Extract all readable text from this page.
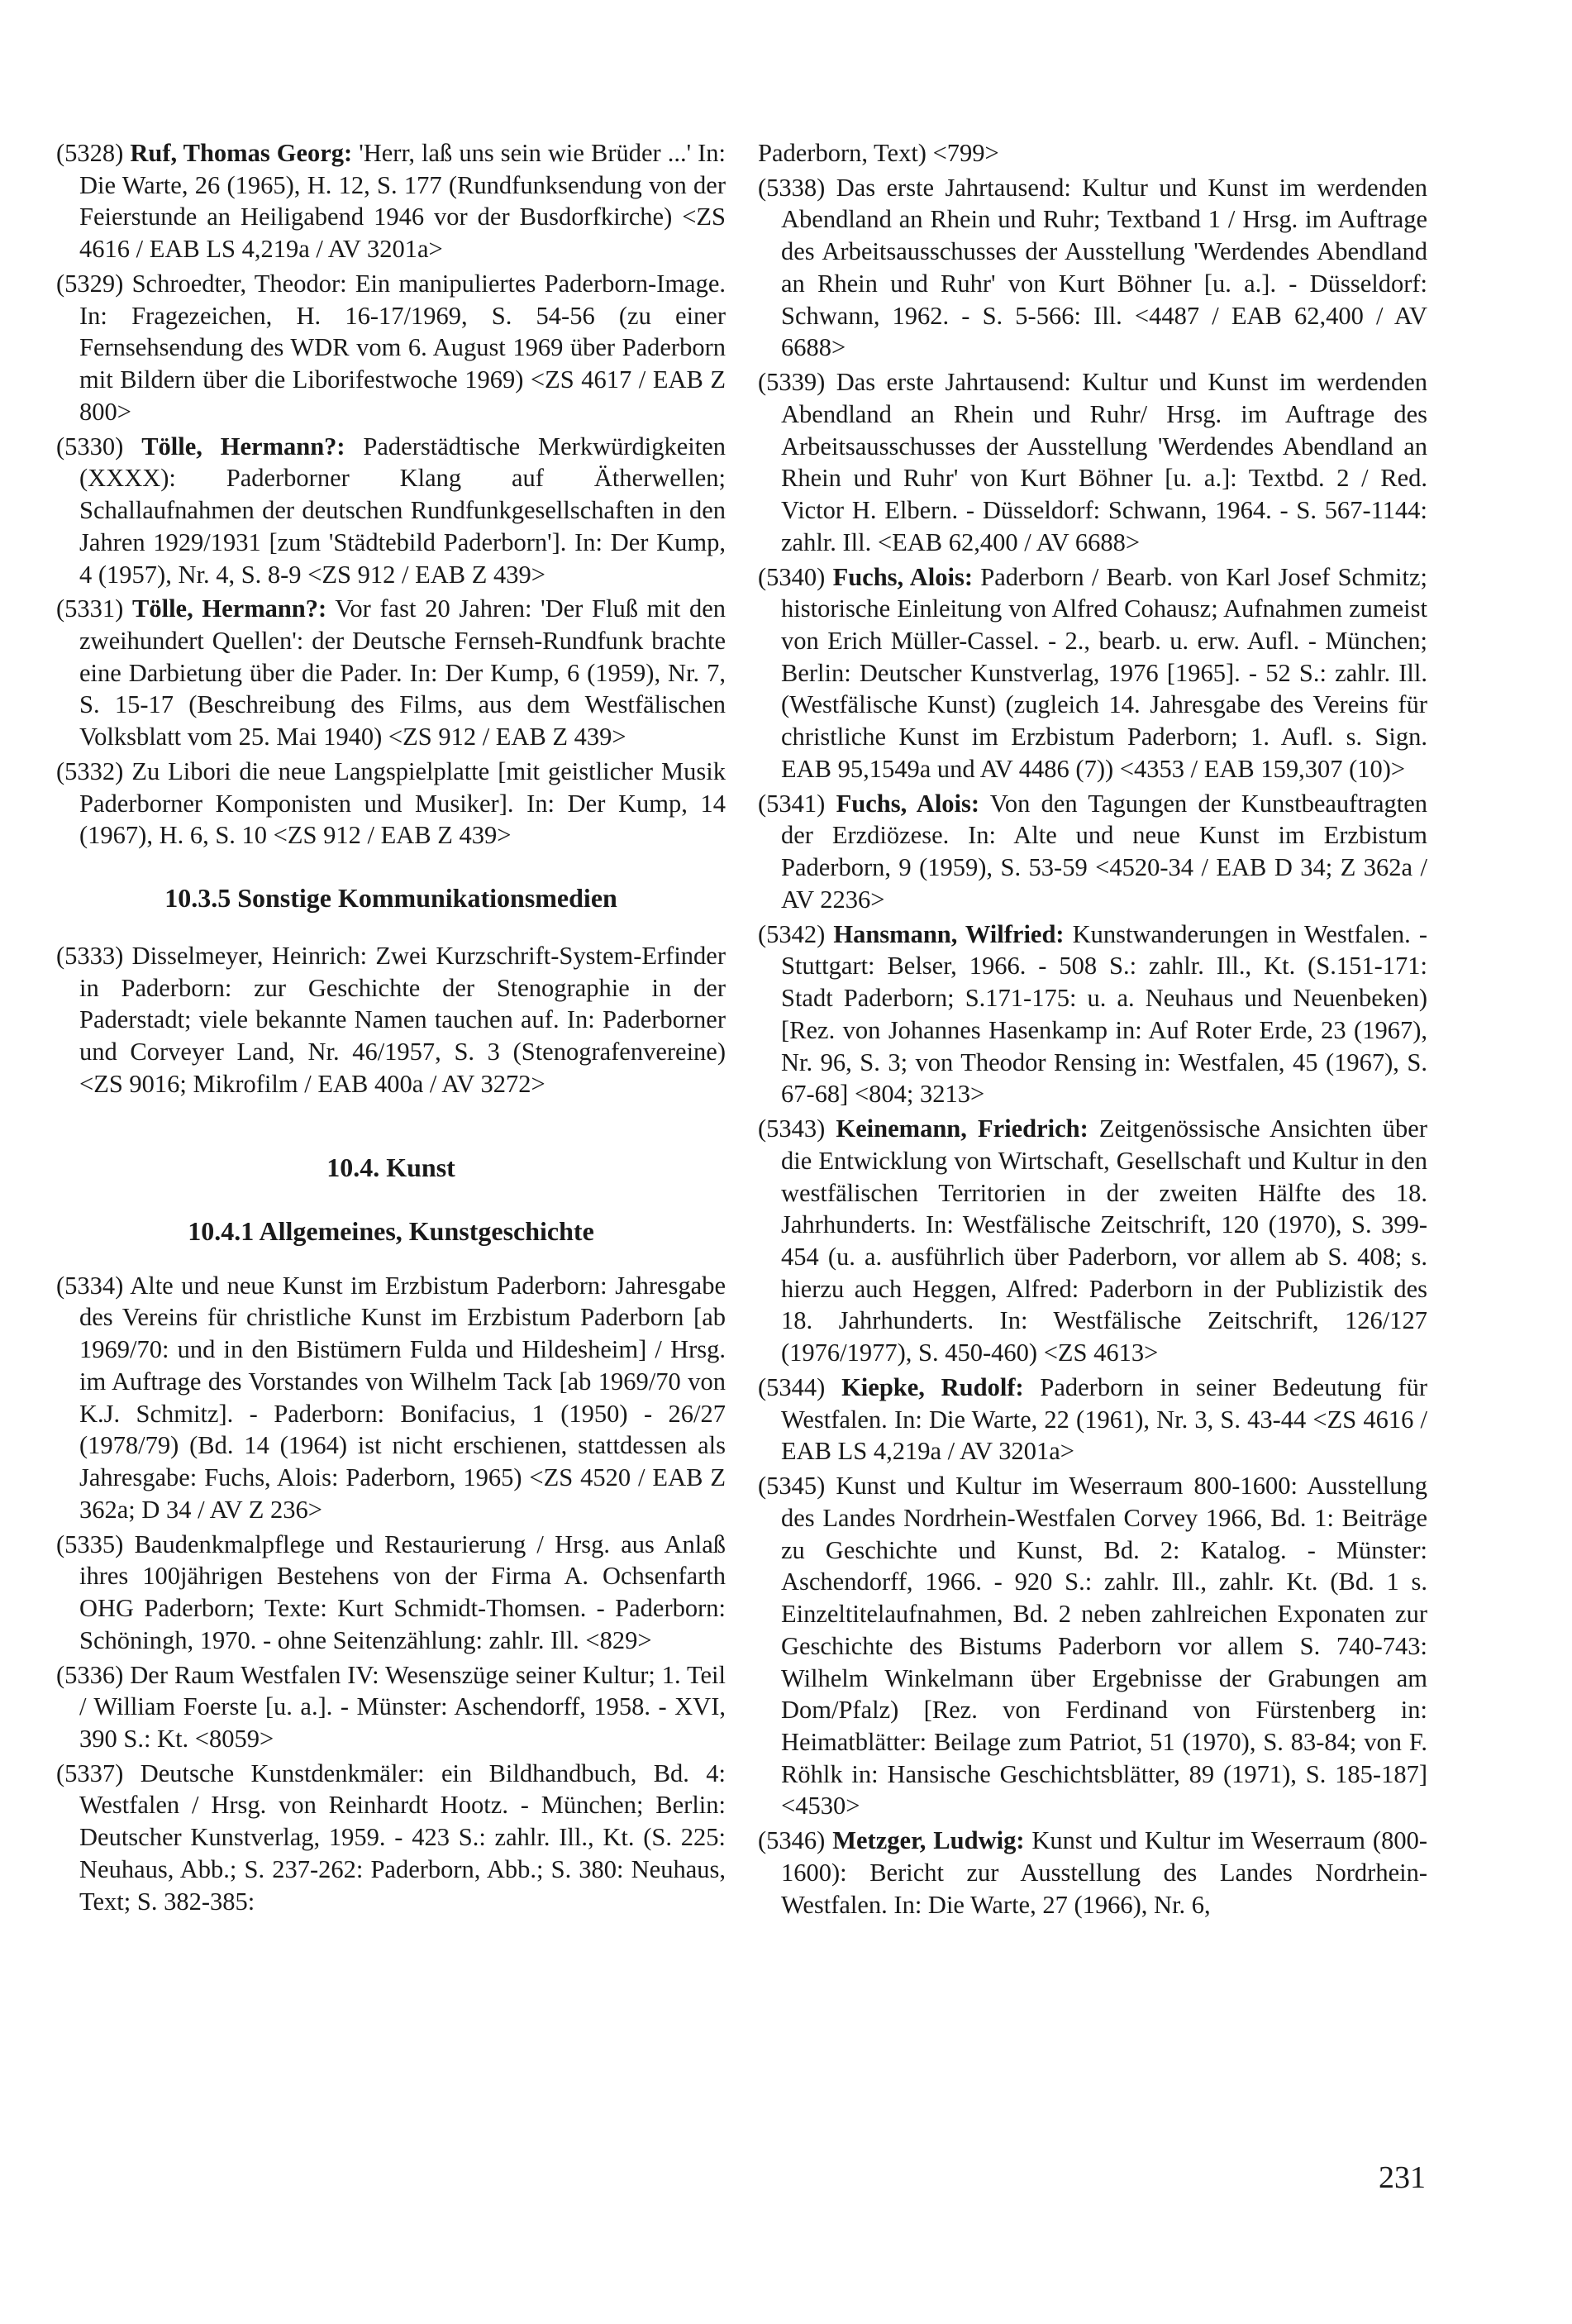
(5328) Ruf, Thomas Georg: 'Herr, laß uns sein wie Brüder ...' In: Die Warte, 26 (1965), H. 12, S. 177 (Rundfunksendung von der Feierstunde an Heiligabend 1946 vor der Busdorfkirche) <ZS 4616 / EAB LS 4,219a / AV 3201a>

(5329) Schroedter, Theodor: Ein manipuliertes Paderborn-Image. In: Fragezeichen, H. 16-17/1969, S. 54-56 (zu einer Fernsehsendung des WDR vom 6. August 1969 über Paderborn mit Bildern über die Liborifestwoche 1969) <ZS 4617 / EAB Z 800>

(5330) Tölle, Hermann?: Paderstädtische Merkwürdigkeiten (XXXX): Paderborner Klang auf Ätherwellen; Schallaufnahmen der deutschen Rundfunkgesellschaften in den Jahren 1929/1931 [zum 'Städtebild Paderborn']. In: Der Kump, 4 (1957), Nr. 4, S. 8-9 <ZS 912 / EAB Z 439>

(5331) Tölle, Hermann?: Vor fast 20 Jahren: 'Der Fluß mit den zweihundert Quellen': der Deutsche Fernseh-Rundfunk brachte eine Darbietung über die Pader. In: Der Kump, 6 (1959), Nr. 7, S. 15-17 (Beschreibung des Films, aus dem Westfälischen Volksblatt vom 25. Mai 1940) <ZS 912 / EAB Z 439>

(5332) Zu Libori die neue Langspielplatte [mit geistlicher Musik Paderborner Komponisten und Musiker]. In: Der Kump, 14 (1967), H. 6, S. 10 <ZS 912 / EAB Z 439>

10.3.5 Sonstige Kommunikationsmedien

(5333) Disselmeyer, Heinrich: Zwei Kurzschrift-System-Erfinder in Paderborn: zur Geschichte der Stenographie in der Paderstadt; viele bekannte Namen tauchen auf. In: Paderborner und Corveyer Land, Nr. 46/1957, S. 3 (Stenografenvereine) <ZS 9016; Mikrofilm / EAB 400a / AV 3272>

10.4. Kunst
10.4.1 Allgemeines, Kunstgeschichte

(5334) Alte und neue Kunst im Erzbistum Paderborn: Jahresgabe des Vereins für christliche Kunst im Erzbistum Paderborn [ab 1969/70: und in den Bistümern Fulda und Hildesheim] / Hrsg. im Auftrage des Vorstandes von Wilhelm Tack [ab 1969/70 von K.J. Schmitz]. - Paderborn: Bonifacius, 1 (1950) - 26/27 (1978/79) (Bd. 14 (1964) ist nicht erschienen, stattdessen als Jahresgabe: Fuchs, Alois: Paderborn, 1965) <ZS 4520 / EAB Z 362a; D 34 / AV Z 236>

(5335) Baudenkmalpflege und Restaurierung / Hrsg. aus Anlaß ihres 100jährigen Bestehens von der Firma A. Ochsenfarth OHG Paderborn; Texte: Kurt Schmidt-Thomsen. - Paderborn: Schöningh, 1970. - ohne Seitenzählung: zahlr. Ill. <829>

(5336) Der Raum Westfalen IV: Wesenszüge seiner Kultur; 1. Teil / William Foerste [u. a.]. - Münster: Aschendorff, 1958. - XVI, 390 S.: Kt. <8059>

(5337) Deutsche Kunstdenkmäler: ein Bildhandbuch, Bd. 4: Westfalen / Hrsg. von Reinhardt Hootz. - München; Berlin: Deutscher Kunstverlag, 1959. - 423 S.: zahlr. Ill., Kt. (S. 225: Neuhaus, Abb.; S. 237-262: Paderborn, Abb.; S. 380: Neuhaus, Text; S. 382-385:

Paderborn, Text) <799>

(5338) Das erste Jahrtausend: Kultur und Kunst im werdenden Abendland an Rhein und Ruhr; Textband 1 / Hrsg. im Auftrage des Arbeitsausschusses der Ausstellung 'Werdendes Abendland an Rhein und Ruhr' von Kurt Böhner [u. a.]. - Düsseldorf: Schwann, 1962. - S. 5-566: Ill. <4487 / EAB 62,400 / AV 6688>

(5339) Das erste Jahrtausend: Kultur und Kunst im werdenden Abendland an Rhein und Ruhr/ Hrsg. im Auftrage des Arbeitsausschusses der Ausstellung 'Werdendes Abendland an Rhein und Ruhr' von Kurt Böhner [u. a.]: Textbd. 2 / Red. Victor H. Elbern. - Düsseldorf: Schwann, 1964. - S. 567-1144: zahlr. Ill. <EAB 62,400 / AV 6688>

(5340) Fuchs, Alois: Paderborn / Bearb. von Karl Josef Schmitz; historische Einleitung von Alfred Cohausz; Aufnahmen zumeist von Erich Müller-Cassel. - 2., bearb. u. erw. Aufl. - München; Berlin: Deutscher Kunstverlag, 1976 [1965]. - 52 S.: zahlr. Ill. (Westfälische Kunst) (zugleich 14. Jahresgabe des Vereins für christliche Kunst im Erzbistum Paderborn; 1. Aufl. s. Sign. EAB 95,1549a und AV 4486 (7)) <4353 / EAB 159,307 (10)>

(5341) Fuchs, Alois: Von den Tagungen der Kunstbeauftragten der Erzdiözese. In: Alte und neue Kunst im Erzbistum Paderborn, 9 (1959), S. 53-59 <4520-34 / EAB D 34; Z 362a / AV 2236>

(5342) Hansmann, Wilfried: Kunstwanderungen in Westfalen. - Stuttgart: Belser, 1966. - 508 S.: zahlr. Ill., Kt. (S.151-171: Stadt Paderborn; S.171-175: u. a. Neuhaus und Neuenbeken) [Rez. von Johannes Hasenkamp in: Auf Roter Erde, 23 (1967), Nr. 96, S. 3; von Theodor Rensing in: Westfalen, 45 (1967), S. 67-68] <804; 3213>

(5343) Keinemann, Friedrich: Zeitgenössische Ansichten über die Entwicklung von Wirtschaft, Gesellschaft und Kultur in den westfälischen Territorien in der zweiten Hälfte des 18. Jahrhunderts. In: Westfälische Zeitschrift, 120 (1970), S. 399-454 (u. a. ausführlich über Paderborn, vor allem ab S. 408; s. hierzu auch Heggen, Alfred: Paderborn in der Publizistik des 18. Jahrhunderts. In: Westfälische Zeitschrift, 126/127 (1976/1977), S. 450-460) <ZS 4613>

(5344) Kiepke, Rudolf: Paderborn in seiner Bedeutung für Westfalen. In: Die Warte, 22 (1961), Nr. 3, S. 43-44 <ZS 4616 / EAB LS 4,219a / AV 3201a>

(5345) Kunst und Kultur im Weserraum 800-1600: Ausstellung des Landes Nordrhein-Westfalen Corvey 1966, Bd. 1: Beiträge zu Geschichte und Kunst, Bd. 2: Katalog. - Münster: Aschendorff, 1966. - 920 S.: zahlr. Ill., zahlr. Kt. (Bd. 1 s. Einzeltitelaufnahmen, Bd. 2 neben zahlreichen Exponaten zur Geschichte des Bistums Paderborn vor allem S. 740-743: Wilhelm Winkelmann über Ergebnisse der Grabungen am Dom/Pfalz) [Rez. von Ferdinand von Fürstenberg in: Heimatblätter: Beilage zum Patriot, 51 (1970), S. 83-84; von F. Röhlk in: Hansische Geschichtsblätter, 89 (1971), S. 185-187] <4530>

(5346) Metzger, Ludwig: Kunst und Kultur im Weserraum (800-1600): Bericht zur Ausstellung des Landes Nordrhein-Westfalen. In: Die Warte, 27 (1966), Nr. 6,

231
